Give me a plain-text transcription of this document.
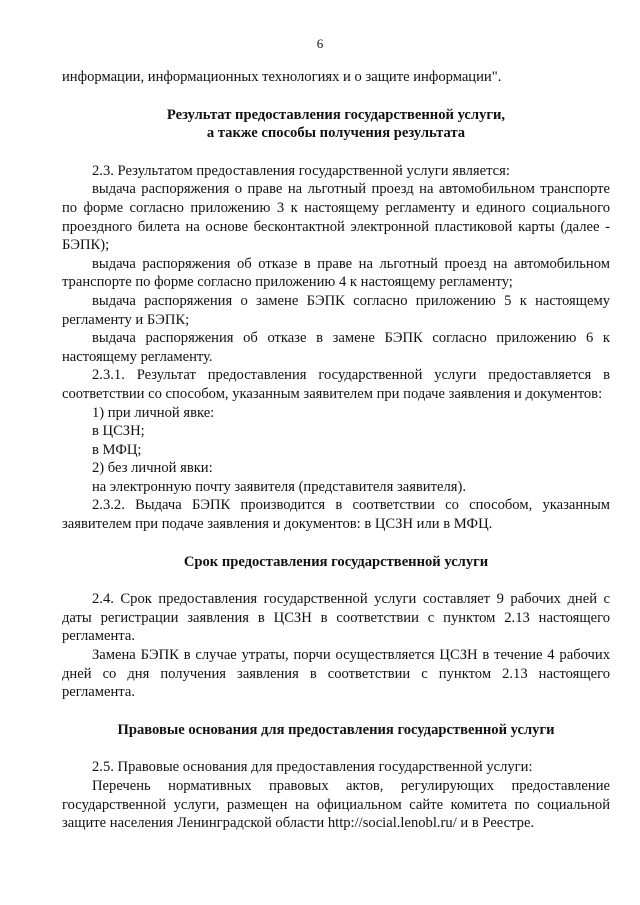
6

информации, информационных технологиях и о защите информации".

Результат предоставления государственной услуги,

а также способы получения результата

2.3. Результатом предоставления государственной услуги является:

выдача распоряжения о праве на льготный проезд на автомобильном транспорте по форме согласно приложению 3 к настоящему регламенту и единого социального проездного билета на основе бесконтактной электронной пластиковой карты (далее - БЭПК);

выдача распоряжения об отказе в праве на льготный проезд на автомобильном транспорте по форме согласно приложению 4 к настоящему регламенту;

выдача распоряжения о замене БЭПК согласно приложению 5 к настоящему регламенту и БЭПК;

выдача распоряжения об отказе в замене БЭПК согласно приложению 6 к настоящему регламенту.

2.3.1. Результат предоставления государственной услуги предоставляется в соответствии со способом, указанным заявителем при подаче заявления и документов:

1) при личной явке:

в ЦСЗН;

в МФЦ;

2) без личной явки:

на электронную почту заявителя (представителя заявителя).

2.3.2. Выдача БЭПК производится в соответствии со способом, указанным заявителем при подаче заявления и документов: в ЦСЗН или в МФЦ.

Срок предоставления государственной услуги

2.4. Срок предоставления государственной услуги составляет 9 рабочих дней с даты регистрации заявления в ЦСЗН в соответствии с пунктом 2.13 настоящего регламента.

Замена БЭПК в случае утраты, порчи осуществляется ЦСЗН в течение 4 рабочих дней со дня получения заявления в соответствии с пунктом 2.13 настоящего регламента.

Правовые основания для предоставления государственной услуги

2.5. Правовые основания для предоставления государственной услуги:

Перечень нормативных правовых актов, регулирующих предоставление государственной услуги, размещен на официальном сайте комитета по социальной защите населения Ленинградской области http://social.lenobl.ru/ и в Реестре.
